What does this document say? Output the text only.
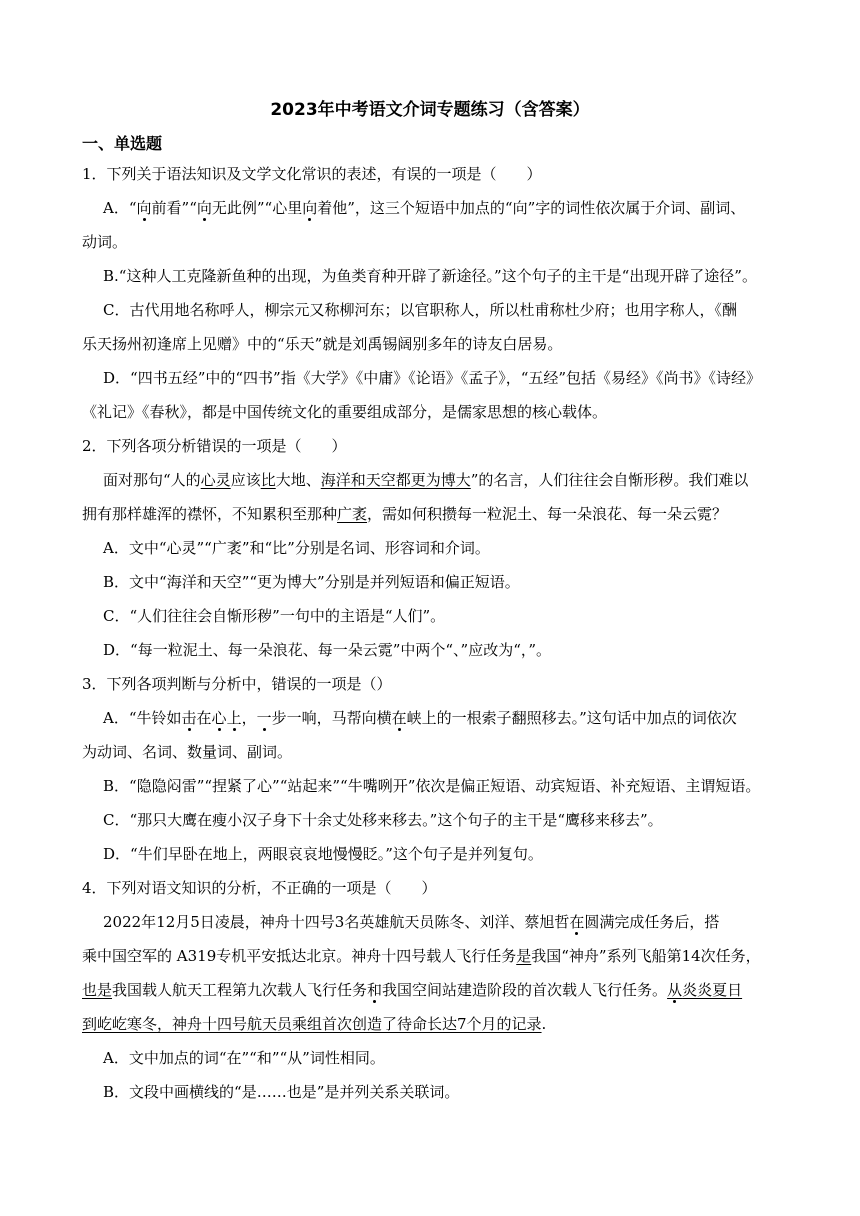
2023年中考语文介词专题练习（含答案）
一、单选题
1．下列关于语法知识及文学文化常识的表述，有误的一项是（　　）
A．“向前看”“向无此例”“心里向着他”，这三个短语中加点的“向”字的词性依次属于介词、副词、
动词。
B.“这种人工克隆新鱼种的出现，为鱼类育种开辟了新途径。”这个句子的主干是“出现开辟了途径”。
C．古代用地名称呼人，柳宗元又称柳河东；以官职称人，所以杜甫称杜少府；也用字称人，《酬
乐天扬州初逢席上见赠》中的“乐天”就是刘禹锡阔别多年的诗友白居易。
D．“四书五经”中的“四书”指《大学》《中庸》《论语》《孟子》，“五经”包括《易经》《尚书》《诗经》
《礼记》《春秋》，都是中国传统文化的重要组成部分，是儒家思想的核心载体。
2．下列各项分析错误的一项是（　　）
面对那句“人的心灵应该比大地、海洋和天空都更为博大”的名言，人们往往会自惭形秽。我们难以
拥有那样雄浑的襟怀，不知累积至那种广袤，需如何积攒每一粒泥土、每一朵浪花、每一朵云霓？
A．文中“心灵”“广袤”和“比”分别是名词、形容词和介词。
B．文中“海洋和天空”“更为博大”分别是并列短语和偏正短语。
C．“人们往往会自惭形秽”一句中的主语是“人们”。
D．“每一粒泥土、每一朵浪花、每一朵云霓”中两个“、”应改为“，”。
3．下列各项判断与分析中，错误的一项是（）
A．“牛铃如击在心上，一步一响，马帮向横在峡上的一根索子翻照移去。”这句话中加点的词依次
为动词、名词、数量词、副词。
B．“隐隐闷雷”“捏紧了心”“站起来”“牛嘴咧开”依次是偏正短语、动宾短语、补充短语、主谓短语。
C．“那只大鹰在瘦小汉子身下十余丈处移来移去。”这个句子的主干是“鹰移来移去”。
D．“牛们早卧在地上，两眼哀哀地慢慢眨。”这个句子是并列复句。
4．下列对语文知识的分析，不正确的一项是（　　）
2022年12月5日凌晨，神舟十四号3名英雄航天员陈冬、刘洋、蔡旭哲在圆满完成任务后，搭
乘中国空军的 A319专机平安抵达北京。神舟十四号载人飞行任务是我国“神舟”系列飞船第14次任务，
也是我国载人航天工程第九次载人飞行任务和我国空间站建造阶段的首次载人飞行任务。从炎炎夏日
到屹屹寒冬，神舟十四号航天员乘组首次创造了待命长达7个月的记录.
A．文中加点的词“在”“和”“从”词性相同。
B．文段中画横线的“是……也是”是并列关系关联词。
